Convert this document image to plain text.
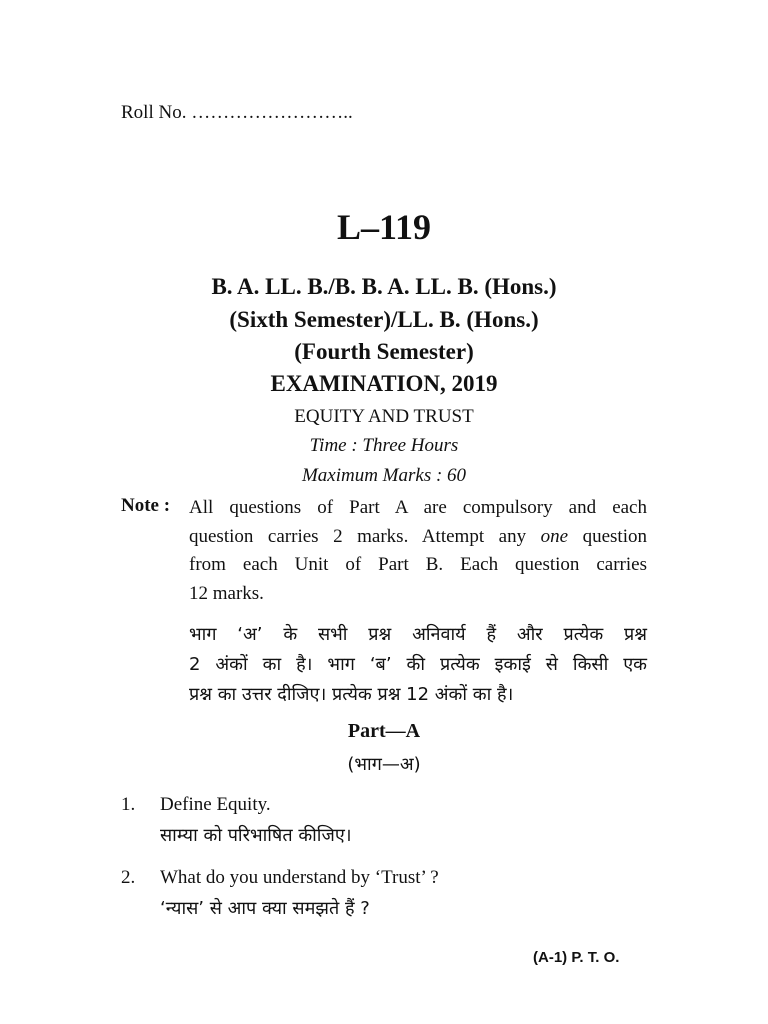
Roll No. ……………………..
L–119
B. A. LL. B./B. B. A. LL. B. (Hons.)
(Sixth Semester)/LL. B. (Hons.)
(Fourth Semester)
EXAMINATION, 2019
EQUITY AND TRUST
Time : Three Hours
Maximum Marks : 60
Note : All questions of Part A are compulsory and each
question carries 2 marks. Attempt any one question
from each Unit of Part B. Each question carries
12 marks.
भाग ‘अ’ के सभी प्रश्न अनिवार्य हैं और प्रत्येक प्रश्न
2 अंकों का है। भाग ‘ब’ की प्रत्येक इकाई से किसी एक
प्रश्न का उत्तर दीजिए। प्रत्येक प्रश्न 12 अंकों का है।
Part—A
(भाग—अ)
1. Define Equity.
साम्या को परिभाषित कीजिए।
2. What do you understand by ‘Trust’ ?
‘न्यास’ से आप क्या समझते हैं ?
(A-1) P. T. O.
